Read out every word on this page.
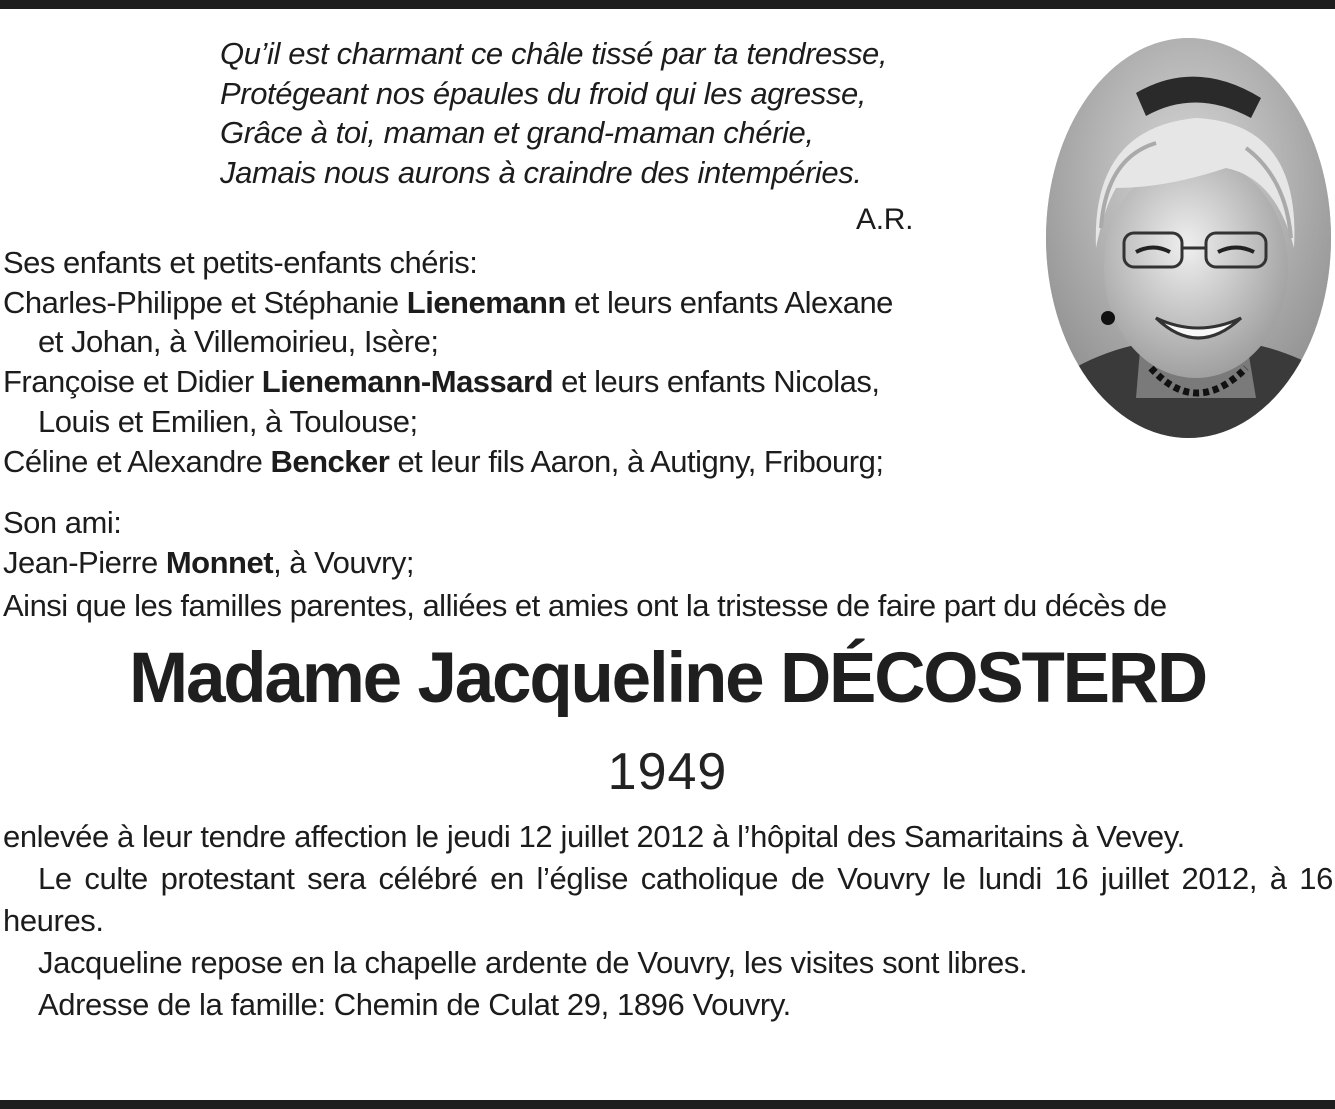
Qu’il est charmant ce châle tissé par ta tendresse,
Protégeant nos épaules du froid qui les agresse,
Grâce à toi, maman et grand-maman chérie,
Jamais nous aurons à craindre des intempéries.
A.R.
Ses enfants et petits-enfants chéris:
Charles-Philippe et Stéphanie Lienemann et leurs enfants Alexane
et Johan, à Villemoirieu, Isère;
Françoise et Didier Lienemann-Massard et leurs enfants Nicolas,
Louis et Emilien, à Toulouse;
Céline et Alexandre Bencker et leur fils Aaron, à Autigny, Fribourg;
Son ami:
Jean-Pierre Monnet, à Vouvry;
Ainsi que les familles parentes, alliées et amies ont la tristesse de faire part du décès de
Madame Jacqueline DÉCOSTERD
1949
enlevée à leur tendre affection le jeudi 12 juillet 2012 à l’hôpital des Samaritains à Vevey.
Le culte protestant sera célébré en l’église catholique de Vouvry le lundi 16 juillet 2012, à 16 heures.
Jacqueline repose en la chapelle ardente de Vouvry, les visites sont libres.
Adresse de la famille: Chemin de Culat 29, 1896 Vouvry.
